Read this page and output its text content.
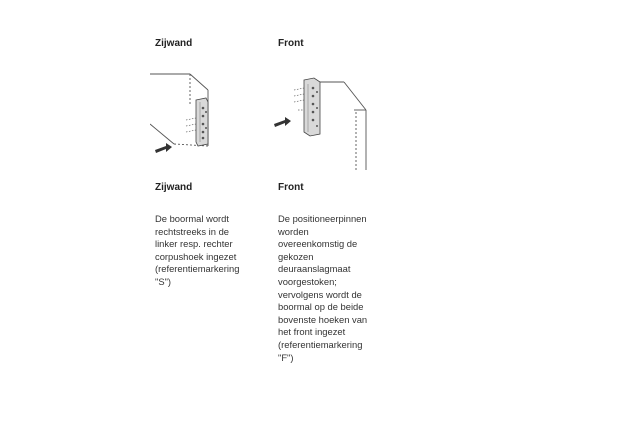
Zijwand
Zijwand
De boormal wordt
rechtstreeks in de
linker resp. rechter
corpushoek ingezet
(referentiemarkering
"S")
Front
Front
De positioneerpinnen
worden
overeenkomstig de
gekozen
deuraanslagmaat
voorgestoken;
vervolgens wordt de
boormal op de beide
bovenste hoeken van
het front ingezet
(referentiemarkering
"F")
